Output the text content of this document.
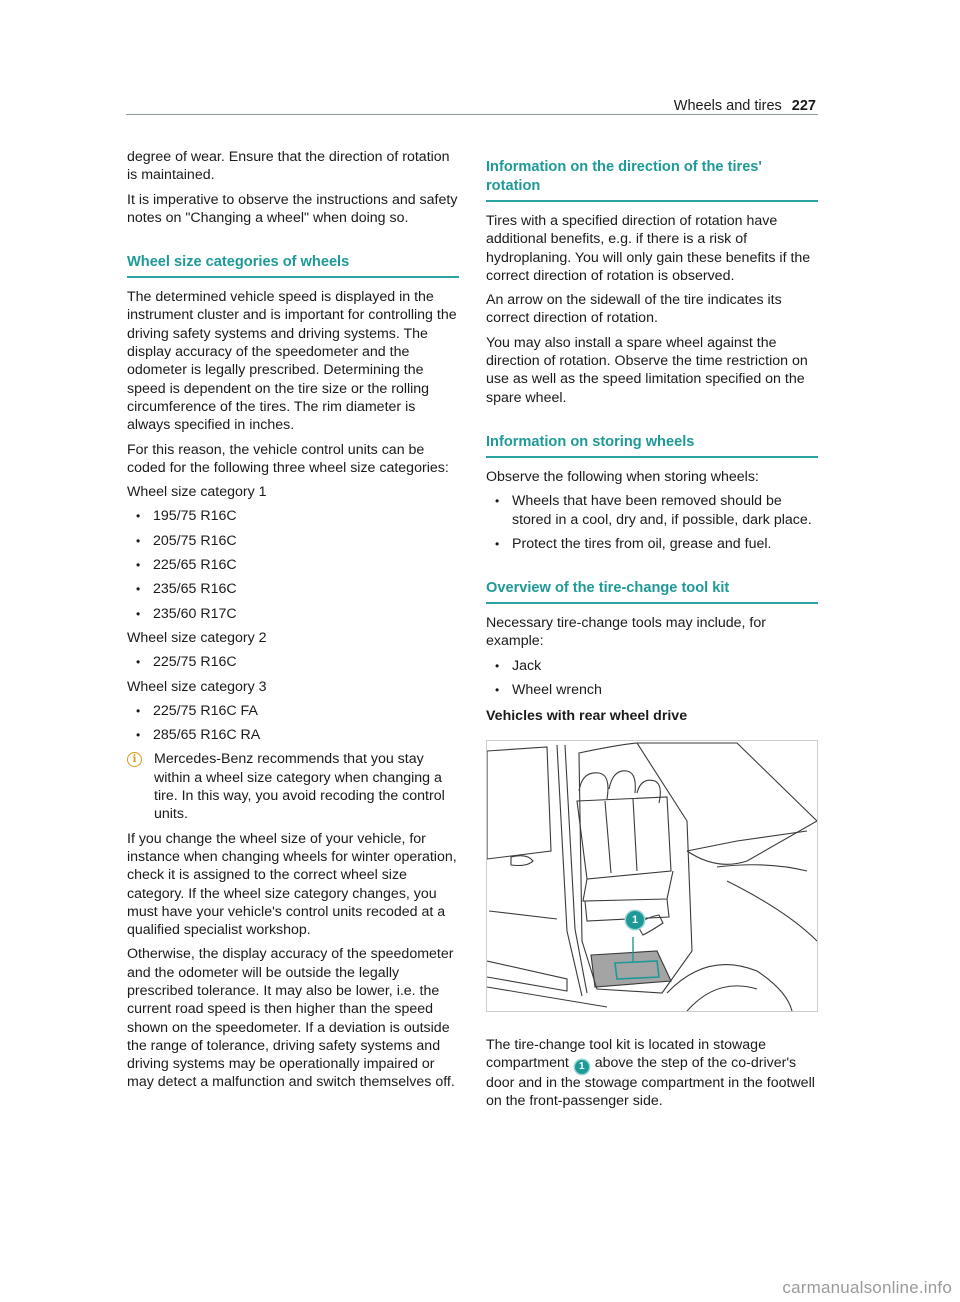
Wheels and tires 227

degree of wear. Ensure that the direction of rotation is maintained.

It is imperative to observe the instructions and safety notes on "Changing a wheel" when doing so.

Wheel size categories of wheels

The determined vehicle speed is displayed in the instrument cluster and is important for controlling the driving safety systems and driving systems. The display accuracy of the speedometer and the odometer is legally prescribed. Determining the speed is dependent on the tire size or the rolling circumference of the tires. The rim diameter is always specified in inches.

For this reason, the vehicle control units can be coded for the following three wheel size categories:

Wheel size category 1

• 195/75 R16C
• 205/75 R16C
• 225/65 R16C
• 235/65 R16C
• 235/60 R17C

Wheel size category 2

• 225/75 R16C

Wheel size category 3

• 225/75 R16C FA
• 285/65 R16C RA
i	Mercedes-Benz recommends that you stay within a wheel size category when changing a tire. In this way, you avoid recoding the control units.

If you change the wheel size of your vehicle, for instance when changing wheels for winter operation, check it is assigned to the correct wheel size category. If the wheel size category changes, you must have your vehicle's control units recoded at a qualified specialist workshop.

Otherwise, the display accuracy of the speedometer and the odometer will be outside the legally prescribed tolerance. It may also be lower, i.e. the current road speed is then higher than the speed shown on the speedometer. If a deviation is outside the range of tolerance, driving safety systems and driving systems may be operationally impaired or may detect a malfunction and switch themselves off.

Information on the direction of the tires' rotation

Tires with a specified direction of rotation have additional benefits, e.g. if there is a risk of hydroplaning. You will only gain these benefits if the correct direction of rotation is observed.

An arrow on the sidewall of the tire indicates its correct direction of rotation.

You may also install a spare wheel against the direction of rotation. Observe the time restriction on use as well as the speed limitation specified on the spare wheel.

Information on storing wheels

Observe the following when storing wheels:

• Wheels that have been removed should be stored in a cool, dry and, if possible, dark place.
• Protect the tires from oil, grease and fuel.
Overview of the tire-change tool kit

Necessary tire-change tools may include, for example:

• Jack
• Wheel wrench
Vehicles with rear wheel drive
1

The tire-change tool kit is located in stowage compartment 1 above the step of the co-driver's door and in the stowage compartment in the footwell on the front-passenger side.

carmanualsonline.info
